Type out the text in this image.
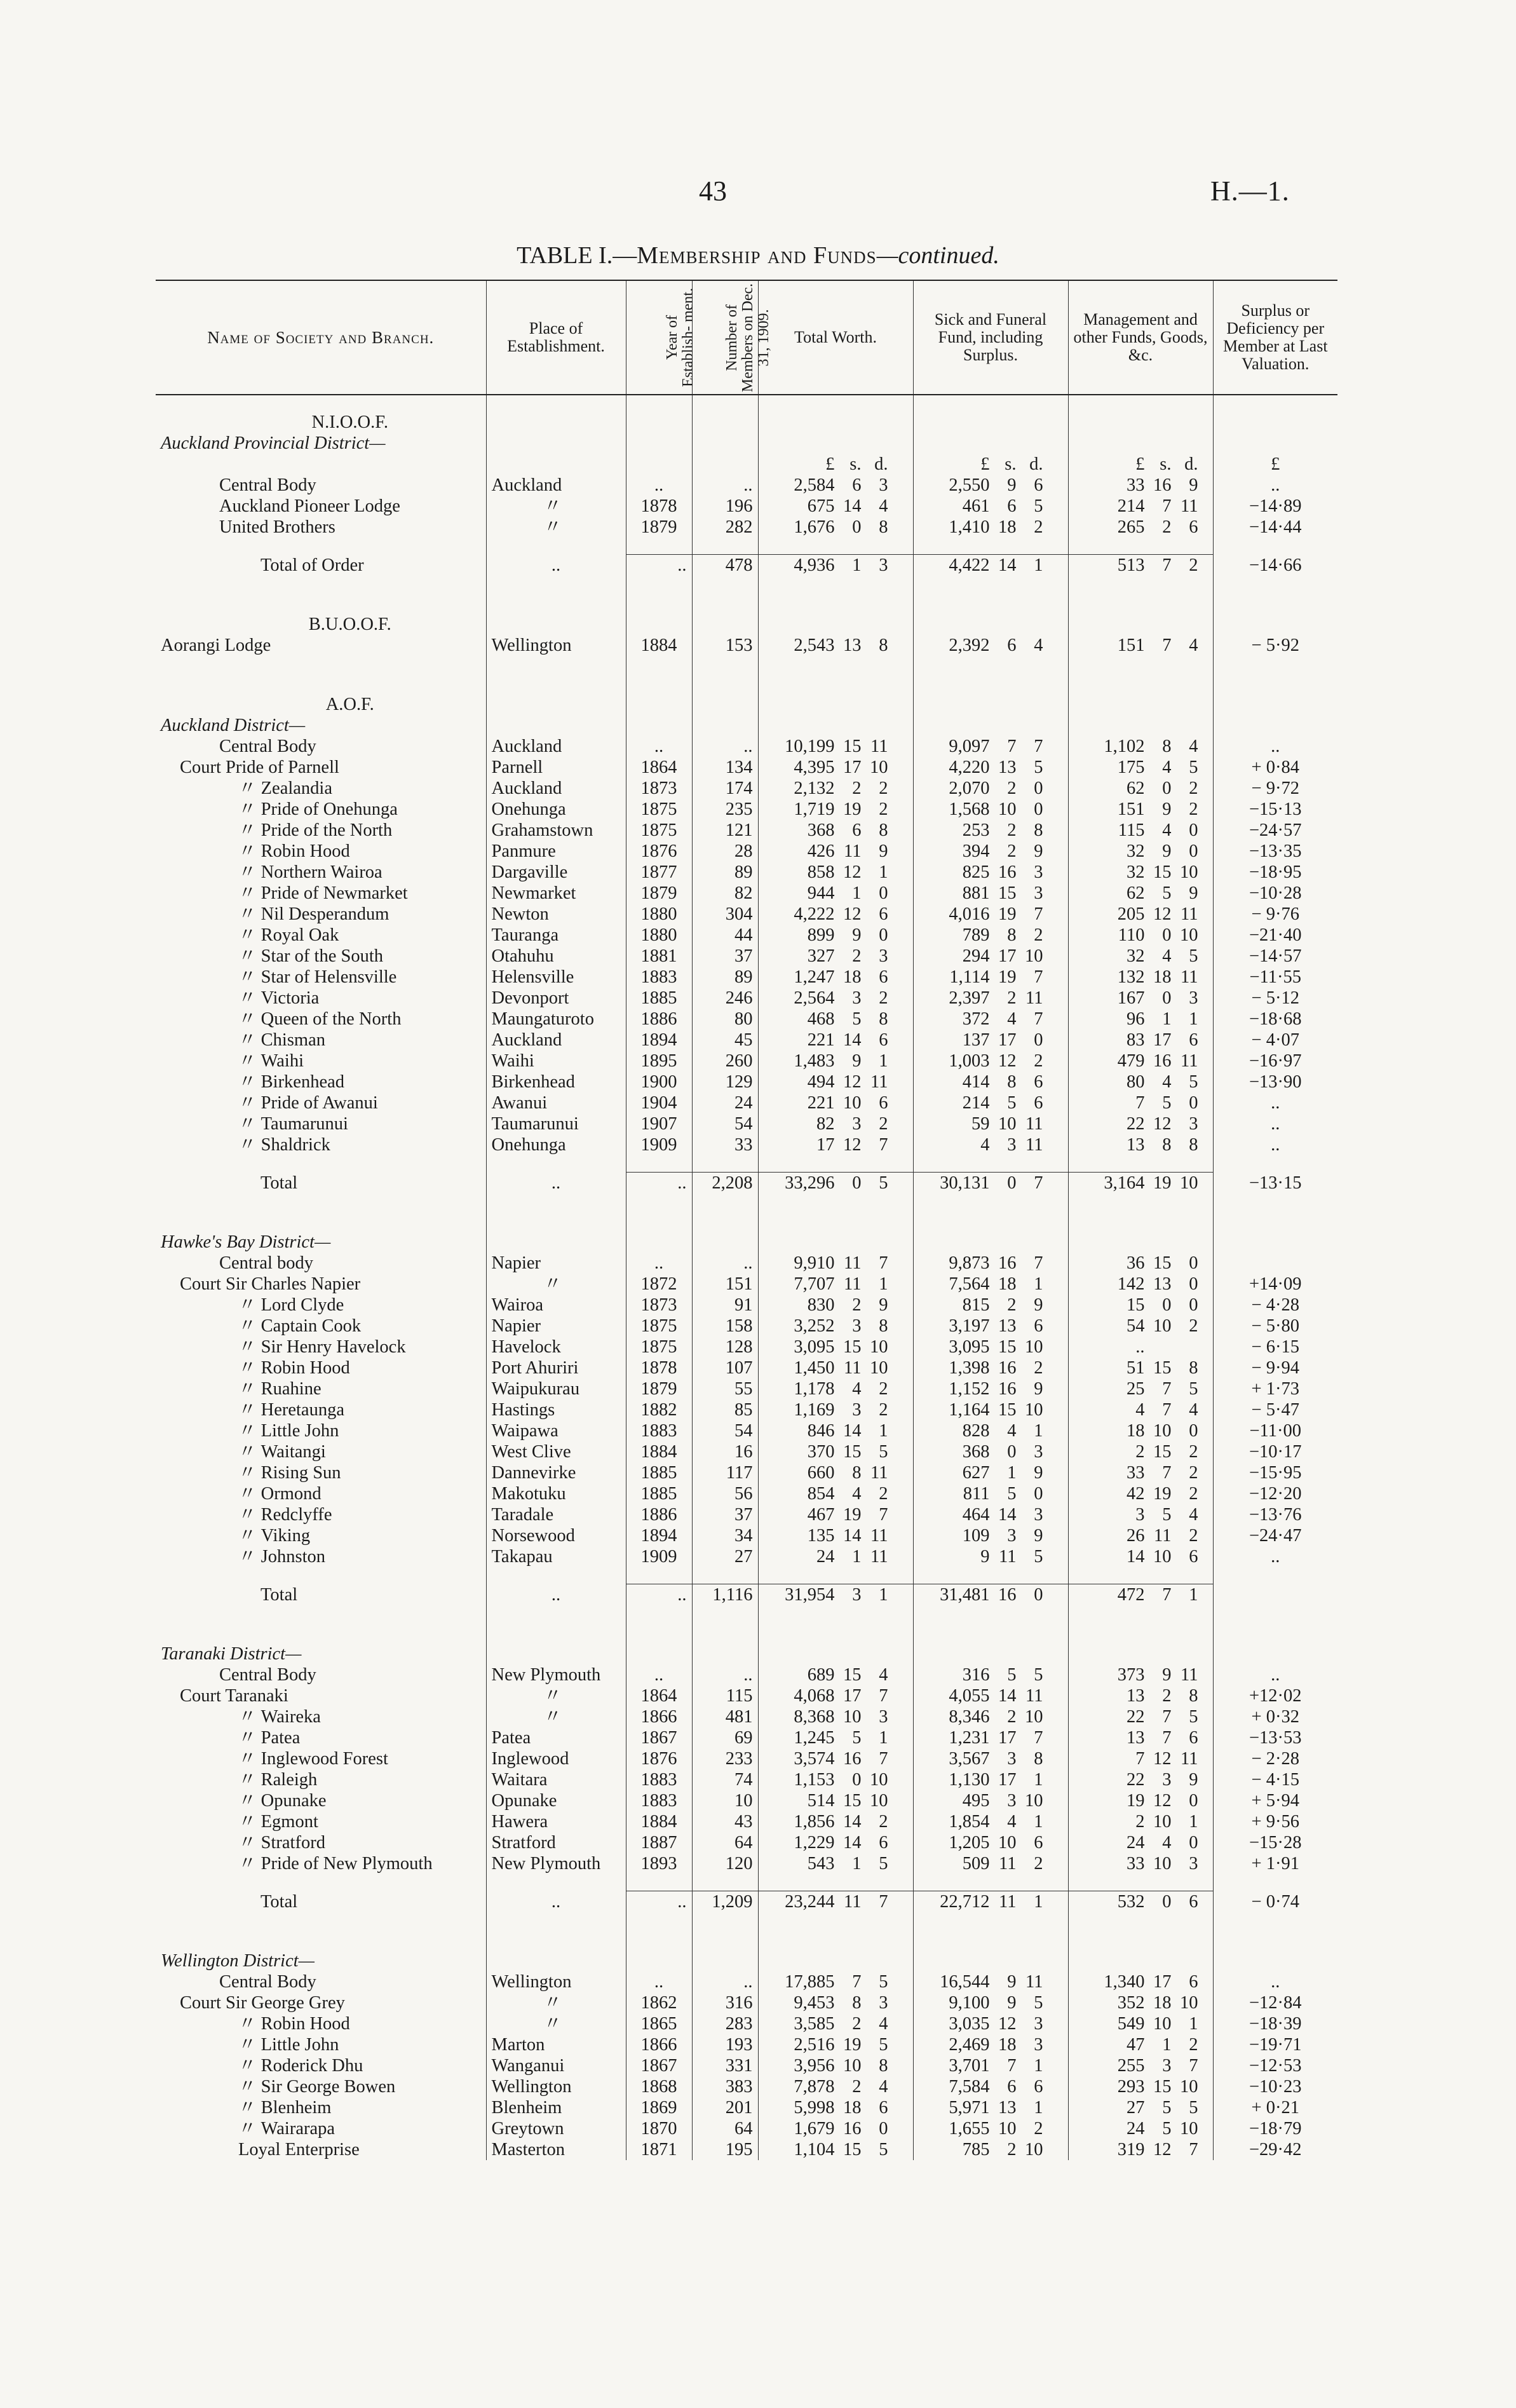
43	H.—1.
TABLE I.—Membership and Funds—continued.
Name of Society and Branch.	Place of Establishment.	Year of Establish- ment.	Number of Members on Dec. 31, 1909.	Total Worth.	Sick and Funeral Fund, including Surplus.	Management and other Funds, Goods, &c.	Surplus or Deficiency per Member at Last Valuation.

N.I.O.O.F.							
Auckland Provincial District—							
				£ s. d.	£ s. d.	£ s. d.	£
Central Body	Auckland	..	..	2,584 6 3	2,550 9 6	33 16 9	..
Auckland Pioneer Lodge	〃	1878	196	675 14 4	461 6 5	214 7 11	−14·89
United Brothers	〃	1879	282	1,676 0 8	1,410 18 2	265 2 6	−14·44

Total of Order	..	..	478	4,936 1 3	4,422 14 1	513 7 2	−14·66

B.U.O.O.F.							
Aorangi Lodge	Wellington	1884	153	2,543 13 8	2,392 6 4	151 7 4	− 5·92

A.O.F.							
Auckland District—							
Central Body	Auckland	..	..	10,199 15 11	9,097 7 7	1,102 8 4	..
Court Pride of Parnell	Parnell	1864	134	4,395 17 10	4,220 13 5	175 4 5	+ 0·84
〃 Zealandia	Auckland	1873	174	2,132 2 2	2,070 2 0	62 0 2	− 9·72
〃 Pride of Onehunga	Onehunga	1875	235	1,719 19 2	1,568 10 0	151 9 2	−15·13
〃 Pride of the North	Grahamstown	1875	121	368 6 8	253 2 8	115 4 0	−24·57
〃 Robin Hood	Panmure	1876	28	426 11 9	394 2 9	32 9 0	−13·35
〃 Northern Wairoa	Dargaville	1877	89	858 12 1	825 16 3	32 15 10	−18·95
〃 Pride of Newmarket	Newmarket	1879	82	944 1 0	881 15 3	62 5 9	−10·28
〃 Nil Desperandum	Newton	1880	304	4,222 12 6	4,016 19 7	205 12 11	− 9·76
〃 Royal Oak	Tauranga	1880	44	899 9 0	789 8 2	110 0 10	−21·40
〃 Star of the South	Otahuhu	1881	37	327 2 3	294 17 10	32 4 5	−14·57
〃 Star of Helensville	Helensville	1883	89	1,247 18 6	1,114 19 7	132 18 11	−11·55
〃 Victoria	Devonport	1885	246	2,564 3 2	2,397 2 11	167 0 3	− 5·12
〃 Queen of the North	Maungaturoto	1886	80	468 5 8	372 4 7	96 1 1	−18·68
〃 Chisman	Auckland	1894	45	221 14 6	137 17 0	83 17 6	− 4·07
〃 Waihi	Waihi	1895	260	1,483 9 1	1,003 12 2	479 16 11	−16·97
〃 Birkenhead	Birkenhead	1900	129	494 12 11	414 8 6	80 4 5	−13·90
〃 Pride of Awanui	Awanui	1904	24	221 10 6	214 5 6	7 5 0	..
〃 Taumarunui	Taumarunui	1907	54	82 3 2	59 10 11	22 12 3	..
〃 Shaldrick	Onehunga	1909	33	17 12 7	4 3 11	13 8 8	..

Total	..	..	2,208	33,296 0 5	30,131 0 7	3,164 19 10	−13·15

Hawke's Bay District—							
Central body	Napier	..	..	9,910 11 7	9,873 16 7	36 15 0	
Court Sir Charles Napier	〃	1872	151	7,707 11 1	7,564 18 1	142 13 0	+14·09
〃 Lord Clyde	Wairoa	1873	91	830 2 9	815 2 9	15 0 0	− 4·28
〃 Captain Cook	Napier	1875	158	3,252 3 8	3,197 13 6	54 10 2	− 5·80
〃 Sir Henry Havelock	Havelock	1875	128	3,095 15 10	3,095 15 10	..	− 6·15
〃 Robin Hood	Port Ahuriri	1878	107	1,450 11 10	1,398 16 2	51 15 8	− 9·94
〃 Ruahine	Waipukurau	1879	55	1,178 4 2	1,152 16 9	25 7 5	+ 1·73
〃 Heretaunga	Hastings	1882	85	1,169 3 2	1,164 15 10	4 7 4	− 5·47
〃 Little John	Waipawa	1883	54	846 14 1	828 4 1	18 10 0	−11·00
〃 Waitangi	West Clive	1884	16	370 15 5	368 0 3	2 15 2	−10·17
〃 Rising Sun	Dannevirke	1885	117	660 8 11	627 1 9	33 7 2	−15·95
〃 Ormond	Makotuku	1885	56	854 4 2	811 5 0	42 19 2	−12·20
〃 Redclyffe	Taradale	1886	37	467 19 7	464 14 3	3 5 4	−13·76
〃 Viking	Norsewood	1894	34	135 14 11	109 3 9	26 11 2	−24·47
〃 Johnston	Takapau	1909	27	24 1 11	9 11 5	14 10 6	..

Total	..	..	1,116	31,954 3 1	31,481 16 0	472 7 1	

Taranaki District—							
Central Body	New Plymouth	..	..	689 15 4	316 5 5	373 9 11	..
Court Taranaki	〃	1864	115	4,068 17 7	4,055 14 11	13 2 8	+12·02
〃 Waireka	〃	1866	481	8,368 10 3	8,346 2 10	22 7 5	+ 0·32
〃 Patea	Patea	1867	69	1,245 5 1	1,231 17 7	13 7 6	−13·53
〃 Inglewood Forest	Inglewood	1876	233	3,574 16 7	3,567 3 8	7 12 11	− 2·28
〃 Raleigh	Waitara	1883	74	1,153 0 10	1,130 17 1	22 3 9	− 4·15
〃 Opunake	Opunake	1883	10	514 15 10	495 3 10	19 12 0	+ 5·94
〃 Egmont	Hawera	1884	43	1,856 14 2	1,854 4 1	2 10 1	+ 9·56
〃 Stratford	Stratford	1887	64	1,229 14 6	1,205 10 6	24 4 0	−15·28
〃 Pride of New Plymouth	New Plymouth	1893	120	543 1 5	509 11 2	33 10 3	+ 1·91

Total	..	..	1,209	23,244 11 7	22,712 11 1	532 0 6	− 0·74

Wellington District—							
Central Body	Wellington	..	..	17,885 7 5	16,544 9 11	1,340 17 6	..
Court Sir George Grey	〃	1862	316	9,453 8 3	9,100 9 5	352 18 10	−12·84
〃 Robin Hood	〃	1865	283	3,585 2 4	3,035 12 3	549 10 1	−18·39
〃 Little John	Marton	1866	193	2,516 19 5	2,469 18 3	47 1 2	−19·71
〃 Roderick Dhu	Wanganui	1867	331	3,956 10 8	3,701 7 1	255 3 7	−12·53
〃 Sir George Bowen	Wellington	1868	383	7,878 2 4	7,584 6 6	293 15 10	−10·23
〃 Blenheim	Blenheim	1869	201	5,998 18 6	5,971 13 1	27 5 5	+ 0·21
〃 Wairarapa	Greytown	1870	64	1,679 16 0	1,655 10 2	24 5 10	−18·79
Loyal Enterprise	Masterton	1871	195	1,104 15 5	785 2 10	319 12 7	−29·42
